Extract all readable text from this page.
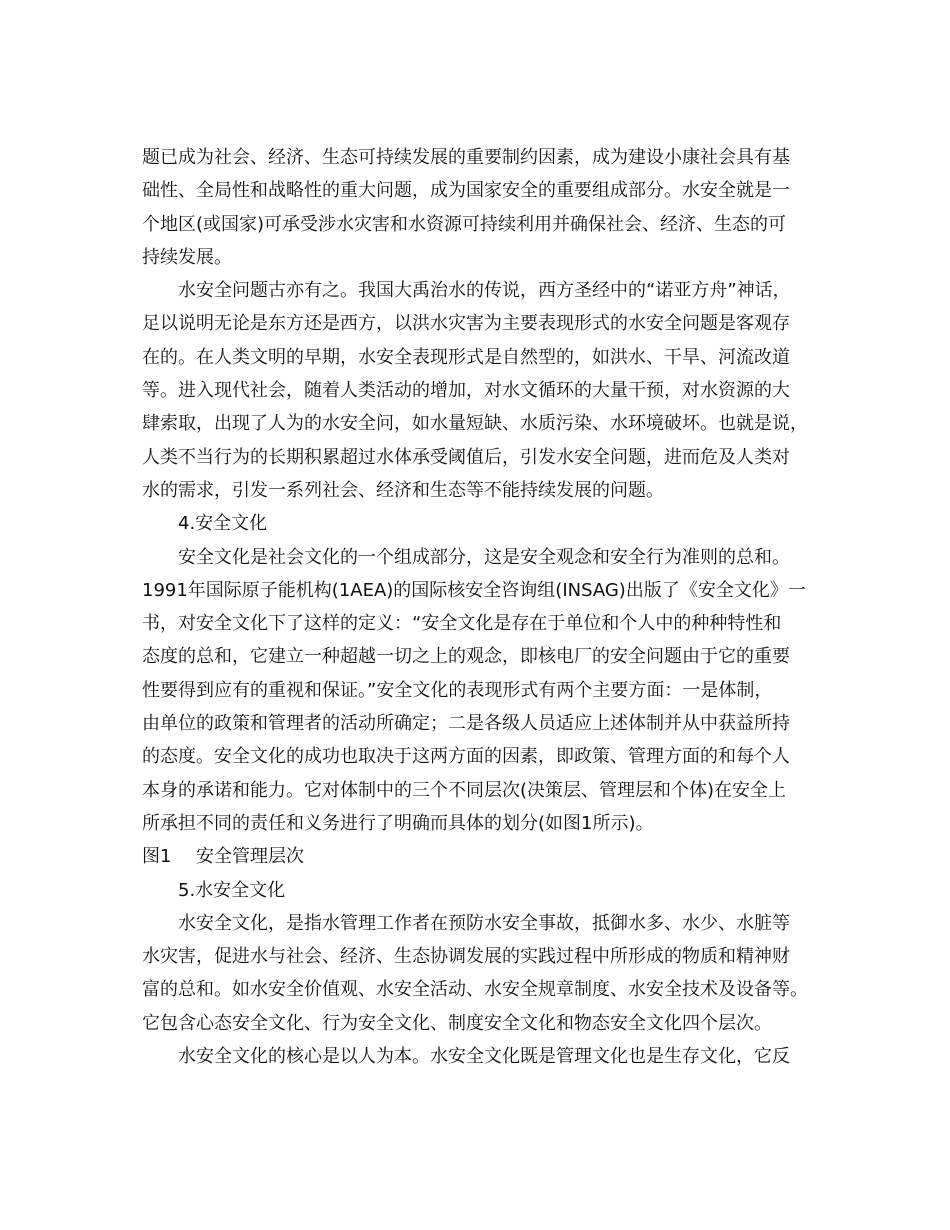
题已成为社会、经济、生态可持续发展的重要制约因素，成为建设小康社会具有基
础性、全局性和战略性的重大问题，成为国家安全的重要组成部分。水安全就是一
个地区(或国家)可承受涉水灾害和水资源可持续利用并确保社会、经济、生态的可
持续发展。
水安全问题古亦有之。我国大禹治水的传说，西方圣经中的“诺亚方舟”神话，
足以说明无论是东方还是西方，以洪水灾害为主要表现形式的水安全问题是客观存
在的。在人类文明的早期，水安全表现形式是自然型的，如洪水、干旱、河流改道
等。进入现代社会，随着人类活动的增加，对水文循环的大量干预，对水资源的大
肆索取，出现了人为的水安全问，如水量短缺、水质污染、水环境破坏。也就是说，
人类不当行为的长期积累超过水体承受阈值后，引发水安全问题，进而危及人类对
水的需求，引发一系列社会、经济和生态等不能持续发展的问题。
4.安全文化
安全文化是社会文化的一个组成部分，这是安全观念和安全行为准则的总和。
1991年国际原子能机构(1AEA)的国际核安全咨询组(INSAG)出版了《安全文化》一
书，对安全文化下了这样的定义：“安全文化是存在于单位和个人中的种种特性和
态度的总和，它建立一种超越一切之上的观念，即核电厂的安全问题由于它的重要
性要得到应有的重视和保证。”安全文化的表现形式有两个主要方面：一是体制，
由单位的政策和管理者的活动所确定；二是各级人员适应上述体制并从中获益所持
的态度。安全文化的成功也取决于这两方面的因素，即政策、管理方面的和每个人
本身的承诺和能力。它对体制中的三个不同层次(决策层、管理层和个体)在安全上
所承担不同的责任和义务进行了明确而具体的划分(如图1所示)。
图1 安全管理层次
5.水安全文化
水安全文化，是指水管理工作者在预防水安全事故，抵御水多、水少、水脏等
水灾害，促进水与社会、经济、生态协调发展的实践过程中所形成的物质和精神财
富的总和。如水安全价值观、水安全活动、水安全规章制度、水安全技术及设备等。
它包含心态安全文化、行为安全文化、制度安全文化和物态安全文化四个层次。
水安全文化的核心是以人为本。水安全文化既是管理文化也是生存文化，它反
